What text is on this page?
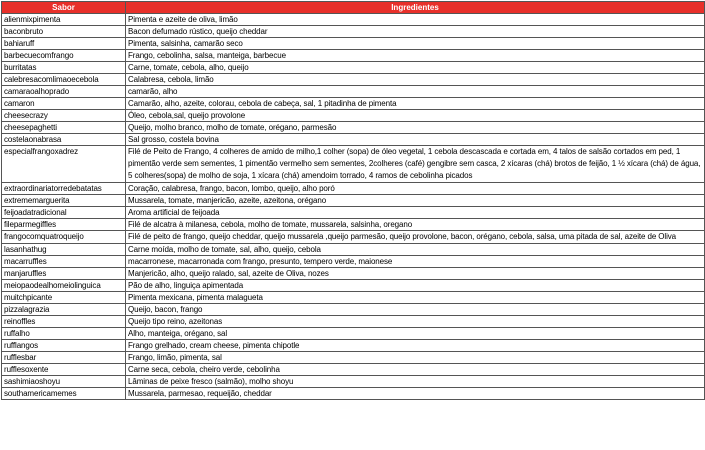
Sabor	Ingredientes
alienmixpimenta	Pimenta e azeite de oliva, limão
baconbruto	Bacon defumado rústico, queijo cheddar
bahiaruff	Pimenta, salsinha, camarão seco
barbecuecomfrango	Frango, cebolinha, salsa, manteiga, barbecue
burritatas	Carne, tomate, cebola, alho, queijo
calebresacomlimaoecebola	Calabresa, cebola, limão
camaraoalhoprado	camarão, alho
camaron	Camarão, alho, azeite, colorau, cebola de cabeça, sal, 1 pitadinha de pimenta
cheesecrazy	Óleo, cebola,sal, queijo provolone
cheesepaghetti	Queijo, molho branco, molho de tomate, orégano, parmesão
costelaonabrasa	Sal grosso, costela bovina
especialfrangoxadrez	Filé de Peito de Frango, 4 colheres de amido de milho,1 colher (sopa) de óleo vegetal, 1 cebola descascada e cortada em, 4 talos de salsão cortados em ped, 1 pimentão verde sem sementes, 1 pimentão vermelho sem sementes, 2colheres (café) gengibre sem casca, 2 xícaras (chá) brotos de feijão, 1 ½ xícara (chá) de água, 5 colheres(sopa) de molho de soja, 1 xícara (chá) amendoim torrado, 4 ramos de cebolinha picados
extraordinariatorredebatatas	Coração, calabresa, frango, bacon, lombo, queijo, alho poró
extrememarguerita	Mussarela, tomate, manjericão, azeite, azeitona, orégano
feijoadatradicional	Aroma artificial de feijoada
fileparmegiffles	Filé de alcatra à milanesa, cebola, molho de tomate, mussarela, salsinha, oregano
frangocomquatroqueijo	Filé de peito de frango, queijo cheddar, queijo mussarela ,queijo parmesão, queijo provolone, bacon, orégano, cebola, salsa, uma pitada de sal, azeite de Oliva
lasanhathug	Carne moída, molho de tomate, sal, alho, queijo, cebola
macarruffles	macarronese, macarronada com frango, presunto, tempero verde, maionese
manjaruffles	Manjericão, alho, queijo ralado, sal, azeite de Oliva, nozes
meiopaodealhomeiolinguica	Pão de alho, linguiça apimentada
muitchpicante	Pimenta mexicana, pimenta malagueta
pizzalagrazia	Queijo, bacon, frango
reinoffles	Queijo tipo reino, azeitonas
ruffalho	Alho, manteiga, orégano, sal
rufflangos	Frango grelhado, cream cheese, pimenta chipotle
rufflesbar	Frango, limão, pimenta, sal
rufflesoxente	Carne seca, cebola, cheiro verde, cebolinha
sashimiaoshoyu	Lâminas de peixe fresco (salmão), molho shoyu
southamericamemes	Mussarela, parmesao, requeijão, cheddar
